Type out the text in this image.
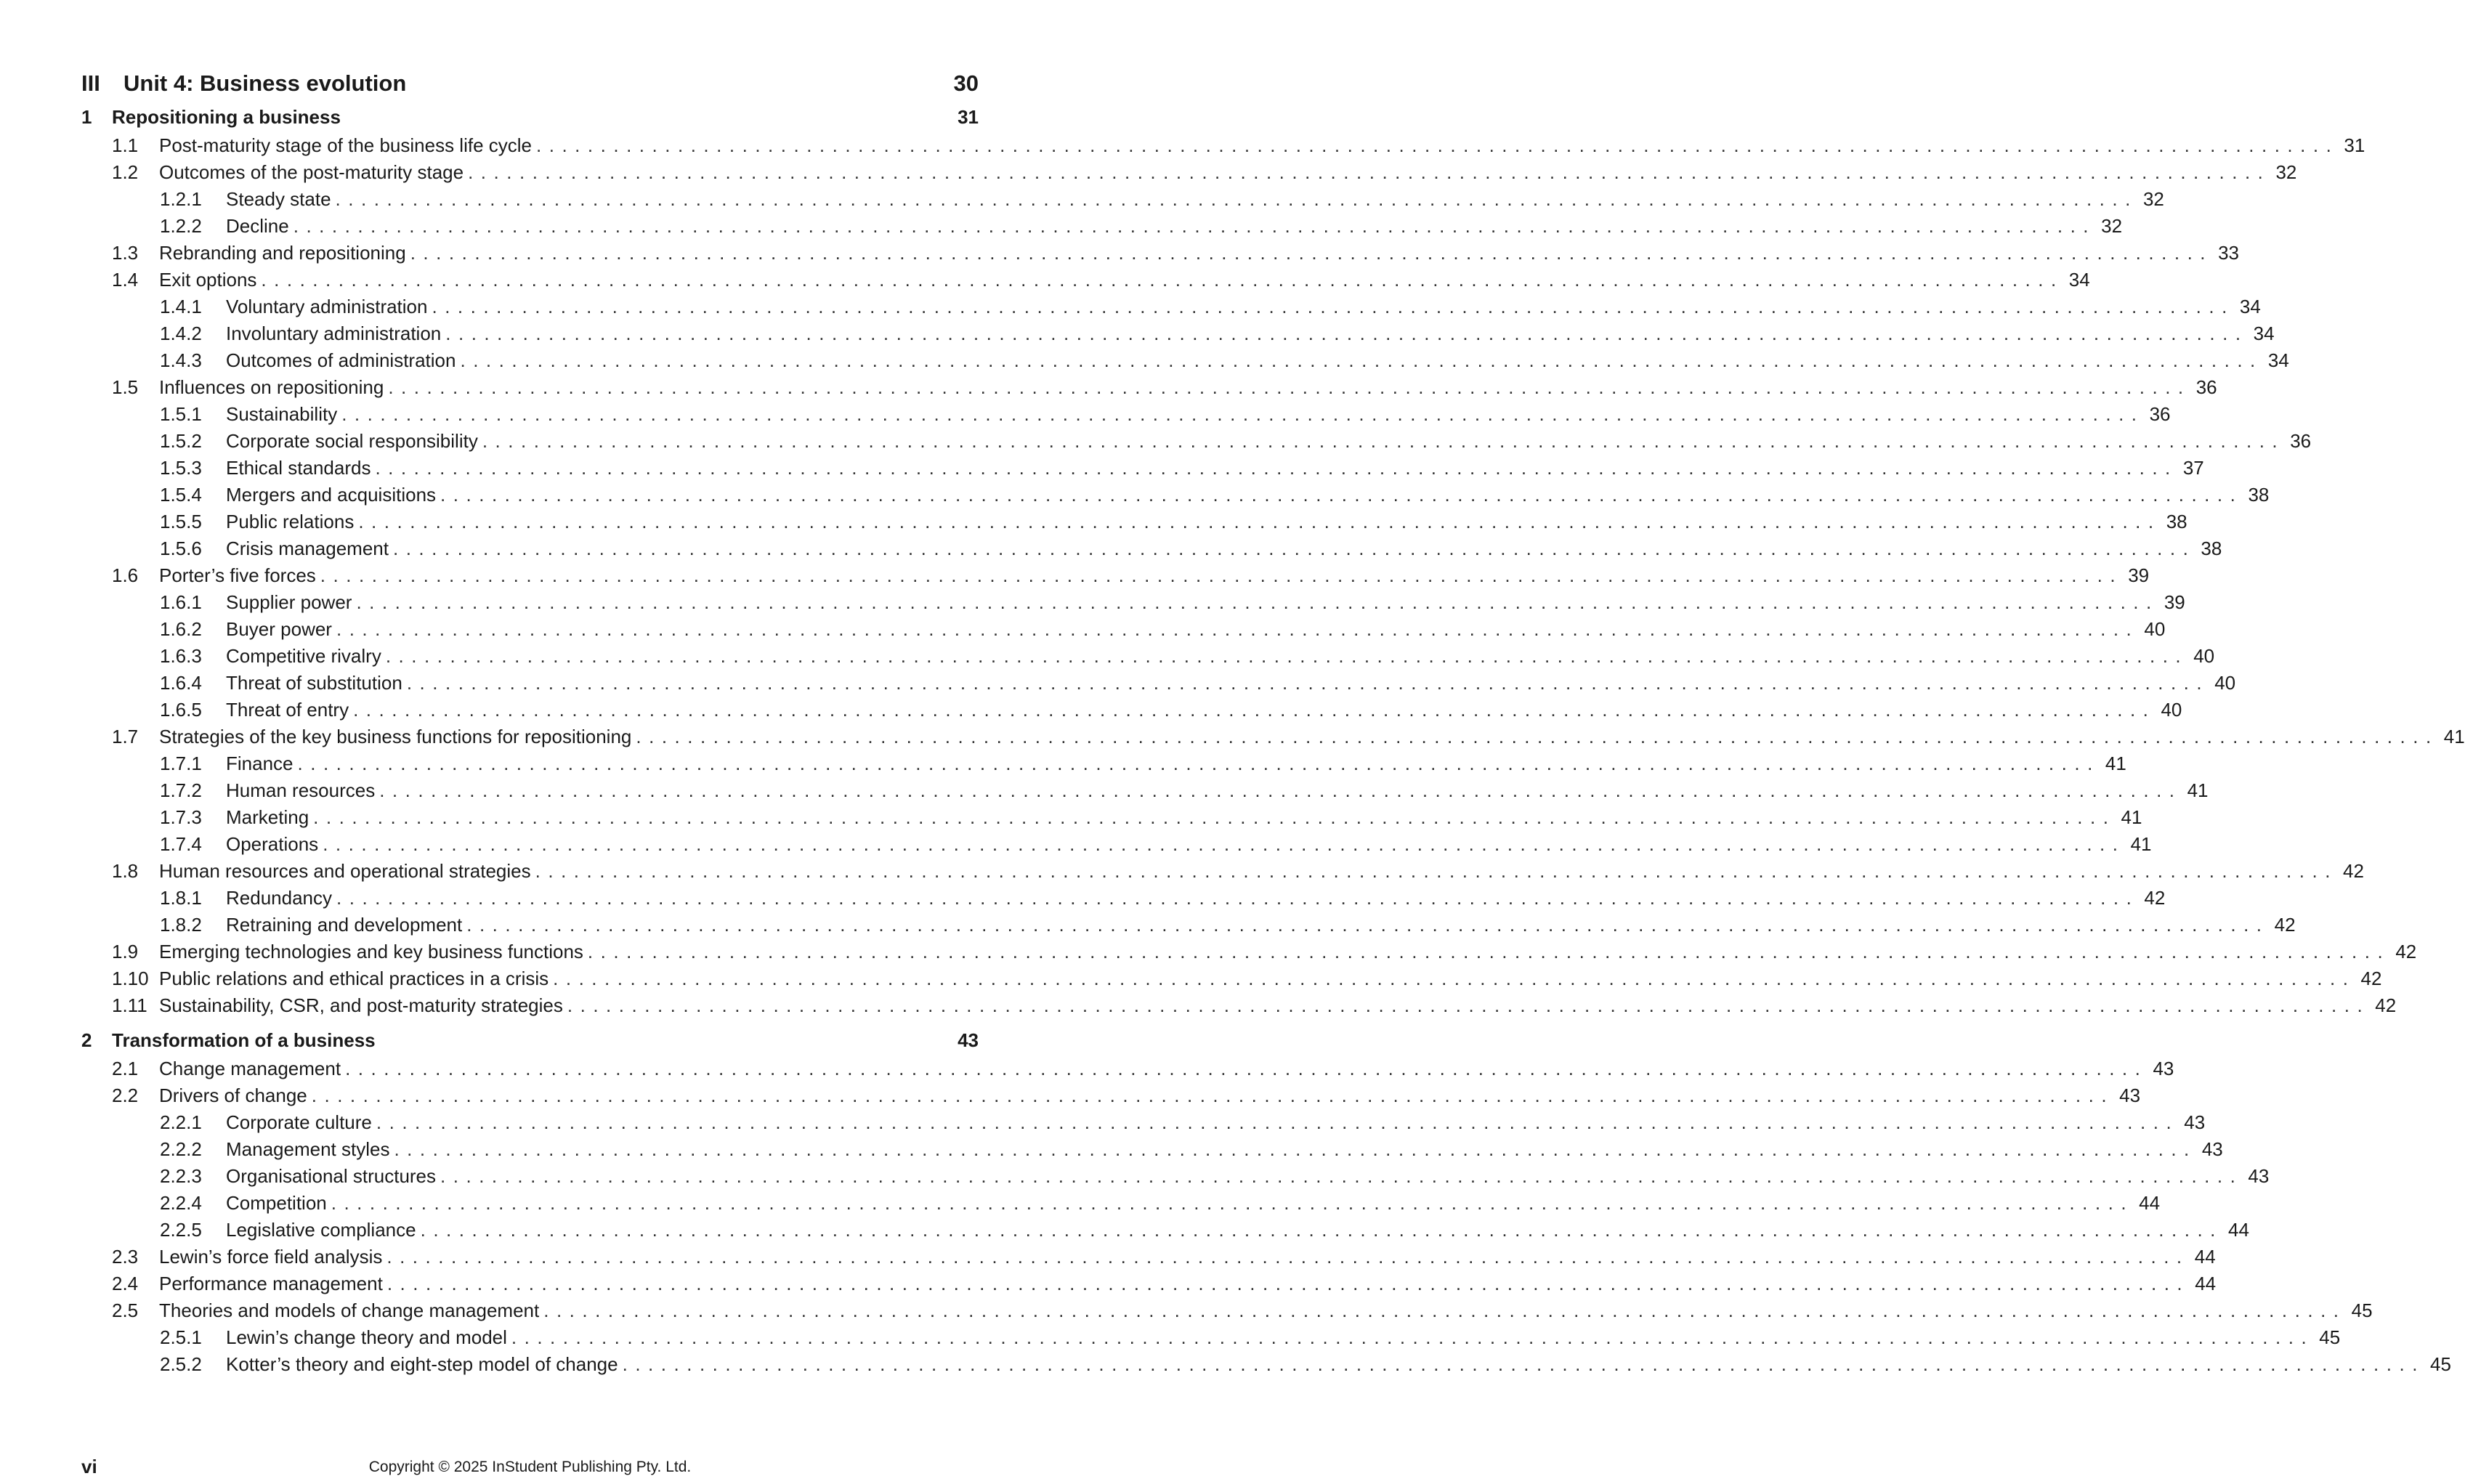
III	Unit 4: Business evolution	30
1	Repositioning a business	31
1.1	Post-maturity stage of the business life cycle ............................................................................................................................................ 31
1.2	Outcomes of the post-maturity stage ............................................................................................................................................ 32
1.2.1	Steady state ............................................................................................................................................ 32
1.2.2	Decline ............................................................................................................................................ 32
1.3	Rebranding and repositioning ............................................................................................................................................ 33
1.4	Exit options ............................................................................................................................................ 34
1.4.1	Voluntary administration ............................................................................................................................................ 34
1.4.2	Involuntary administration ............................................................................................................................................ 34
1.4.3	Outcomes of administration ............................................................................................................................................ 34
1.5	Influences on repositioning ............................................................................................................................................ 36
1.5.1	Sustainability ............................................................................................................................................ 36
1.5.2	Corporate social responsibility ............................................................................................................................................ 36
1.5.3	Ethical standards ............................................................................................................................................ 37
1.5.4	Mergers and acquisitions ............................................................................................................................................ 38
1.5.5	Public relations ............................................................................................................................................ 38
1.5.6	Crisis management ............................................................................................................................................ 38
1.6	Porter’s five forces ............................................................................................................................................ 39
1.6.1	Supplier power ............................................................................................................................................ 39
1.6.2	Buyer power ............................................................................................................................................ 40
1.6.3	Competitive rivalry ............................................................................................................................................ 40
1.6.4	Threat of substitution ............................................................................................................................................ 40
1.6.5	Threat of entry ............................................................................................................................................ 40
1.7	Strategies of the key business functions for repositioning ............................................................................................................................................ 41
1.7.1	Finance ............................................................................................................................................ 41
1.7.2	Human resources ............................................................................................................................................ 41
1.7.3	Marketing ............................................................................................................................................ 41
1.7.4	Operations ............................................................................................................................................ 41
1.8	Human resources and operational strategies ............................................................................................................................................ 42
1.8.1	Redundancy ............................................................................................................................................ 42
1.8.2	Retraining and development ............................................................................................................................................ 42
1.9	Emerging technologies and key business functions ............................................................................................................................................ 42
1.10 Public relations and ethical practices in a crisis ............................................................................................................................................ 42
1.11 Sustainability, CSR, and post-maturity strategies ............................................................................................................................................ 42
2	Transformation of a business	43
2.1	Change management ............................................................................................................................................ 43
2.2	Drivers of change ............................................................................................................................................ 43
2.2.1	Corporate culture ............................................................................................................................................ 43
2.2.2	Management styles ............................................................................................................................................ 43
2.2.3	Organisational structures ............................................................................................................................................ 43
2.2.4	Competition ............................................................................................................................................ 44
2.2.5	Legislative compliance ............................................................................................................................................ 44
2.3	Lewin’s force field analysis ............................................................................................................................................ 44
2.4	Performance management ............................................................................................................................................ 44
2.5	Theories and models of change management ............................................................................................................................................ 45
2.5.1	Lewin’s change theory and model ............................................................................................................................................ 45
2.5.2	Kotter’s theory and eight-step model of change ............................................................................................................................................ 45
vi	Copyright © 2025 InStudent Publishing Pty. Ltd.
